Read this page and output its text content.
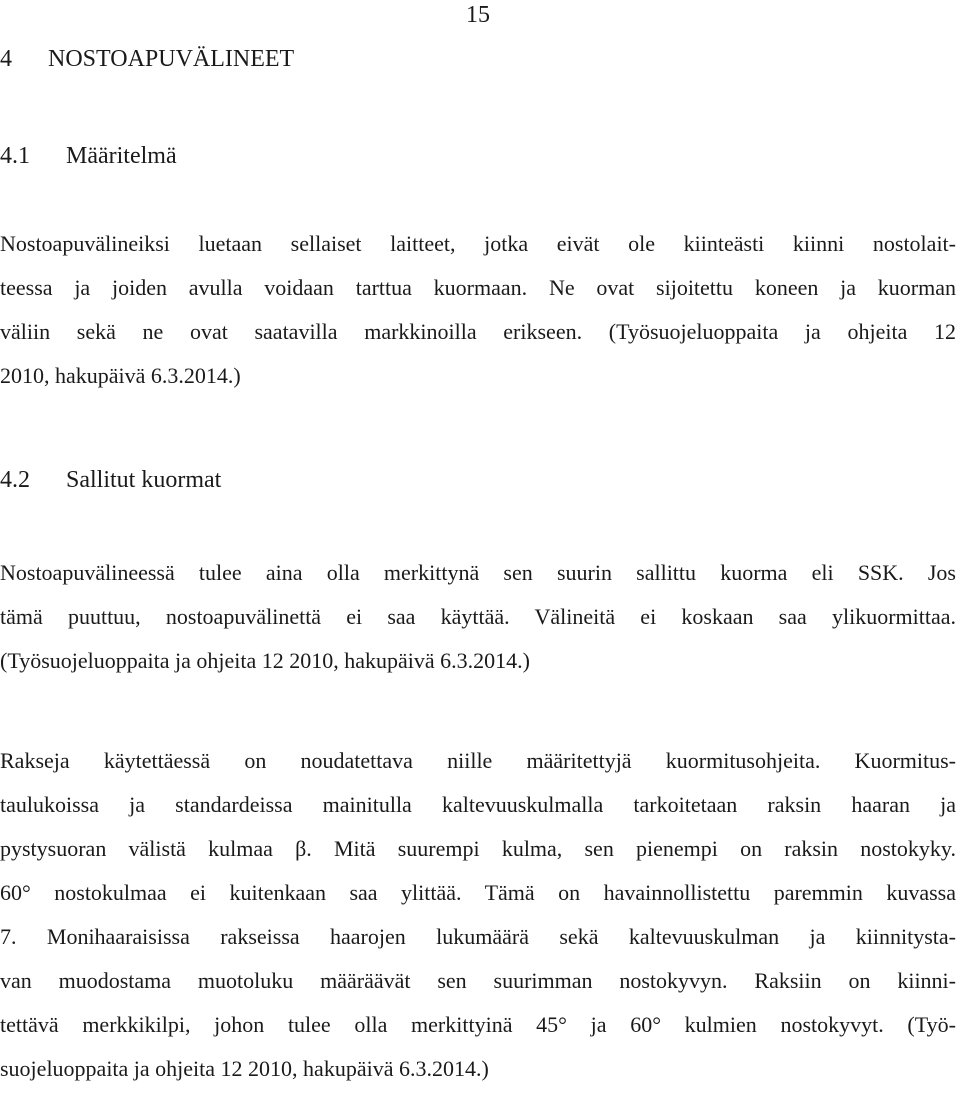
15
4 NOSTOAPUVÄLINEET
4.1 Määritelmä
Nostoapuvälineiksi luetaan sellaiset laitteet, jotka eivät ole kiinteästi kiinni nostolait-
teessa ja joiden avulla voidaan tarttua kuormaan. Ne ovat sijoitettu koneen ja kuorman
väliin sekä ne ovat saatavilla markkinoilla erikseen. (Työsuojeluoppaita ja ohjeita 12
2010, hakupäivä 6.3.2014.)
4.2 Sallitut kuormat
Nostoapuvälineessä tulee aina olla merkittynä sen suurin sallittu kuorma eli SSK. Jos
tämä puuttuu, nostoapuvälinettä ei saa käyttää. Välineitä ei koskaan saa ylikuormittaa.
(Työsuojeluoppaita ja ohjeita 12 2010, hakupäivä 6.3.2014.)
Rakseja käytettäessä on noudatettava niille määritettyjä kuormitusohjeita. Kuormitus-
taulukoissa ja standardeissa mainitulla kaltevuuskulmalla tarkoitetaan raksin haaran ja
pystysuoran välistä kulmaa β. Mitä suurempi kulma, sen pienempi on raksin nostokyky.
60° nostokulmaa ei kuitenkaan saa ylittää. Tämä on havainnollistettu paremmin kuvassa
7. Monihaaraisissa rakseissa haarojen lukumäärä sekä kaltevuuskulman ja kiinnitysta-
van muodostama muotoluku määräävät sen suurimman nostokyvyn. Raksiin on kiinni-
tettävä merkkikilpi, johon tulee olla merkittyinä 45° ja 60° kulmien nostokyvyt. (Työ-
suojeluoppaita ja ohjeita 12 2010, hakupäivä 6.3.2014.)
